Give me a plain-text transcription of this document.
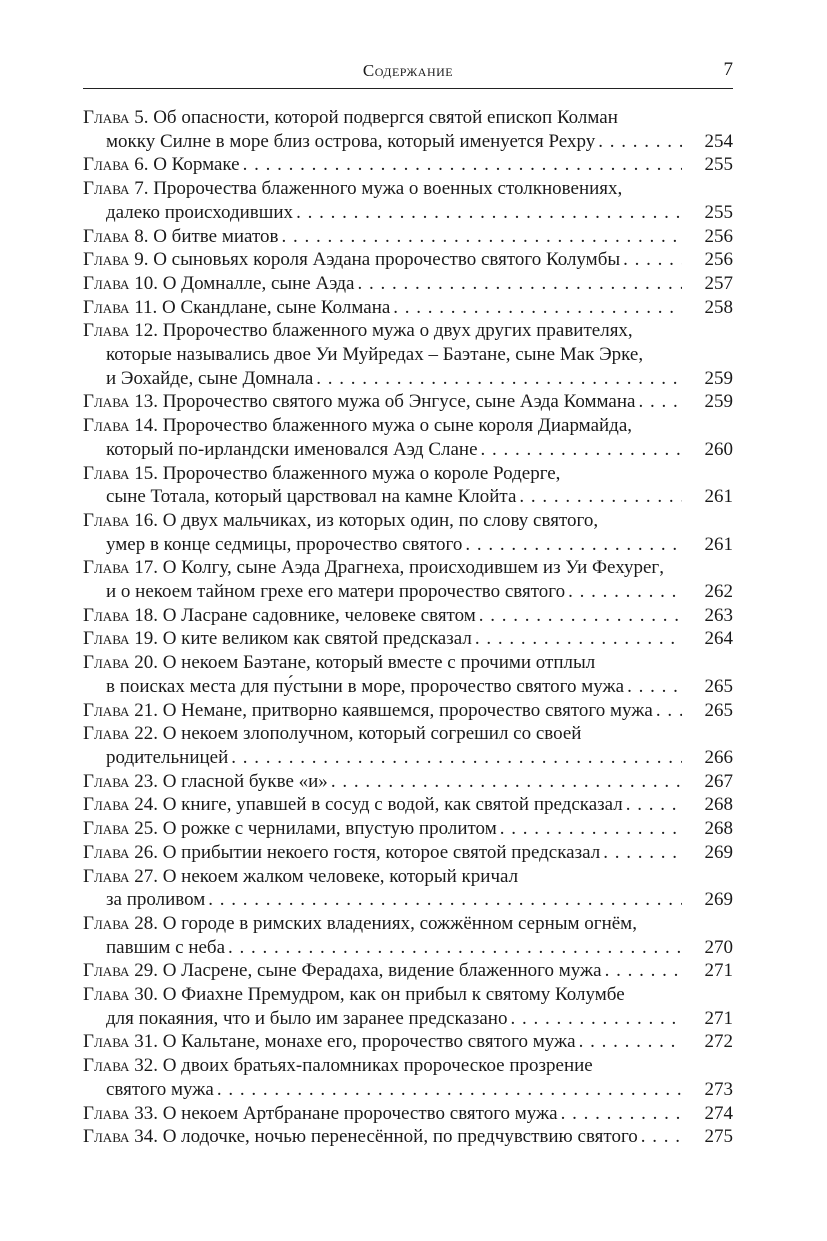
Содержание	7
Глава
5.
Об опасности, которой подвергся святой епископ Колман
мокку Силне в море близ острова, который именуется Рехру . . .	254
Глава
6.
О Кормаке . . .	255
Глава
7.
Пророчества блаженного мужа о военных столкновениях,
далеко происходивших . . .	255
Глава
8.
О битве миатов . . .	256
Глава
9.
О сыновьях короля Аэдана пророчество святого Колумбы . . .	256
Глава
10.
О Домналле, сыне Аэда . . .	257
Глава
11.
О Скандлане, сыне Колмана . . .	258
Глава
12.
Пророчество блаженного мужа о двух других правителях,
которые назывались двое Уи Муйредах – Баэтане, сыне Мак Эрке,
и Эохайде, сыне Домнала . . .	259
Глава
13.
Пророчество святого мужа об Энгусе, сыне Аэда Коммана . . .	259
Глава
14.
Пророчество блаженного мужа о сыне короля Диармайда,
который по-ирландски именовался Аэд Слане . . .	260
Глава
15.
Пророчество блаженного мужа о короле Родерге,
сыне Тотала, который царствовал на камне Клойта . . .	261
Глава
16.
О двух мальчиках, из которых один, по слову святого,
умер в конце седмицы, пророчество святого . . .	261
Глава
17.
О Колгу, сыне Аэда Драгнеха, происходившем из Уи Фехуреᴦ,
и о некоем тайном грехе его матери пророчество святого . . .	262
Глава
18.
О Ласране садовнике, человеке святом . . .	263
Глава
19.
О ките великом как святой предсказал . . .	264
Глава
20.
О некоем Баэтане, который вместе с прочими отплыл
в поисках места для пу́стыни в море, пророчество святого мужа . . .	265
Глава
21.
О Немане, притворно каявшемся, пророчество святого мужа . . .	265
Глава
22.
О некоем злополучном, который согрешил со своей
родительницей . . .	266
Глава
23.
О гласной букве «и» . . .	267
Глава
24.
О книге, упавшей в сосуд с водой, как святой предсказал . . .	268
Глава
25.
О рожке с чернилами, впустую пролитом . . .	268
Глава
26.
О прибытии некоего гостя, которое святой предсказал . . .	269
Глава
27.
О некоем жалком человеке, который кричал
за проливом . . .	269
Глава
28.
О городе в римских владениях, сожжённом серным огнём,
павшим с неба . . .	270
Глава
29.
О Ласрене, сыне Ферадаха, видение блаженного мужа . . .	271
Глава
30.
О Фиахне Премудром, как он прибыл к святому Колумбе
для покаяния, что и было им заранее предсказано . . .	271
Глава
31.
О Кальтане, монахе его, пророчество святого мужа . . .	272
Глава
32.
О двоих братьях-паломниках пророческое прозрение
святого мужа . . .	273
Глава
33.
О некоем Артбранане пророчество святого мужа . . .	274
Глава
34.
О лодочке, ночью перенесённой, по предчувствию святого . . .	275
